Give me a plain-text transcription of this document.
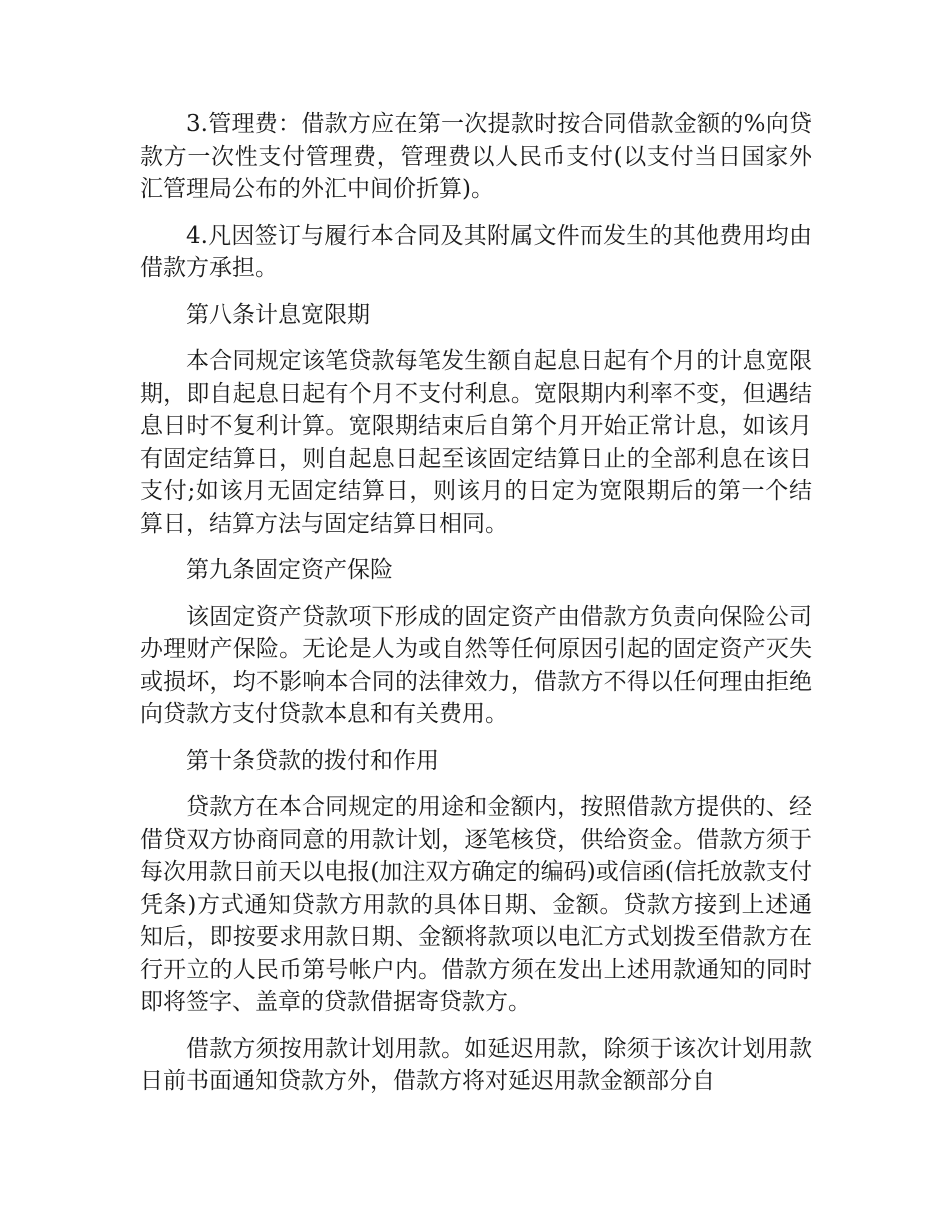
3.管理费：借款方应在第一次提款时按合同借款金额的%向贷款方一次性支付管理费，管理费以人民币支付(以支付当日国家外汇管理局公布的外汇中间价折算)。

4.凡因签订与履行本合同及其附属文件而发生的其他费用均由借款方承担。

第八条计息宽限期

本合同规定该笔贷款每笔发生额自起息日起有个月的计息宽限期，即自起息日起有个月不支付利息。宽限期内利率不变，但遇结息日时不复利计算。宽限期结束后自第个月开始正常计息，如该月有固定结算日，则自起息日起至该固定结算日止的全部利息在该日支付;如该月无固定结算日，则该月的日定为宽限期后的第一个结算日，结算方法与固定结算日相同。

第九条固定资产保险

该固定资产贷款项下形成的固定资产由借款方负责向保险公司办理财产保险。无论是人为或自然等任何原因引起的固定资产灭失或损坏，均不影响本合同的法律效力，借款方不得以任何理由拒绝向贷款方支付贷款本息和有关费用。

第十条贷款的拨付和作用

贷款方在本合同规定的用途和金额内，按照借款方提供的、经借贷双方协商同意的用款计划，逐笔核贷，供给资金。借款方须于每次用款日前天以电报(加注双方确定的编码)或信函(信托放款支付凭条)方式通知贷款方用款的具体日期、金额。贷款方接到上述通知后，即按要求用款日期、金额将款项以电汇方式划拨至借款方在行开立的人民币第号帐户内。借款方须在发出上述用款通知的同时即将签字、盖章的贷款借据寄贷款方。

借款方须按用款计划用款。如延迟用款，除须于该次计划用款日前书面通知贷款方外，借款方将对延迟用款金额部分自
